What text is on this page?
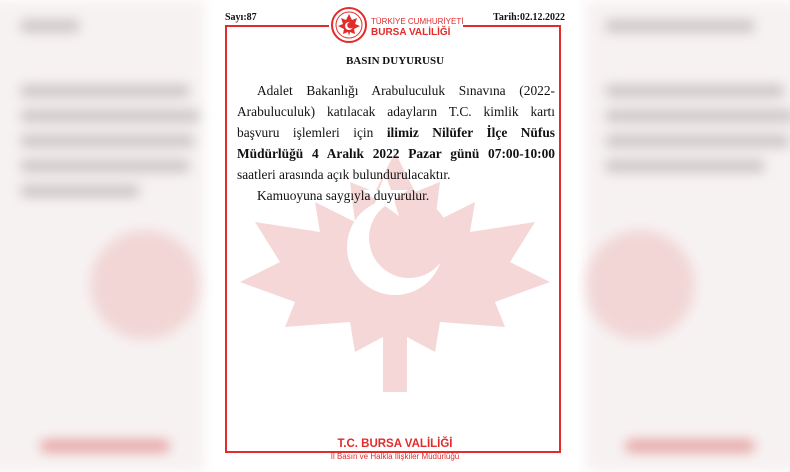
Sayı:87	Tarih:02.12.2022
TÜRKİYE CUMHURİYETİ
BURSA VALİLİĞİ
BASIN DUYURUSU

Adalet Bakanlığı Arabuluculuk Sınavına (2022-Arabuluculuk) katılacak adayların T.C. kimlik kartı başvuru işlemleri için ilimiz Nilüfer İlçe Nüfus Müdürlüğü 4 Aralık 2022 Pazar günü 07:00-10:00 saatleri arasında açık bulundurulacaktır.

Kamuoyuna saygıyla duyurulur.

T.C. BURSA VALİLİĞİ
İl Basın ve Halkla İlişkiler Müdürlüğü
